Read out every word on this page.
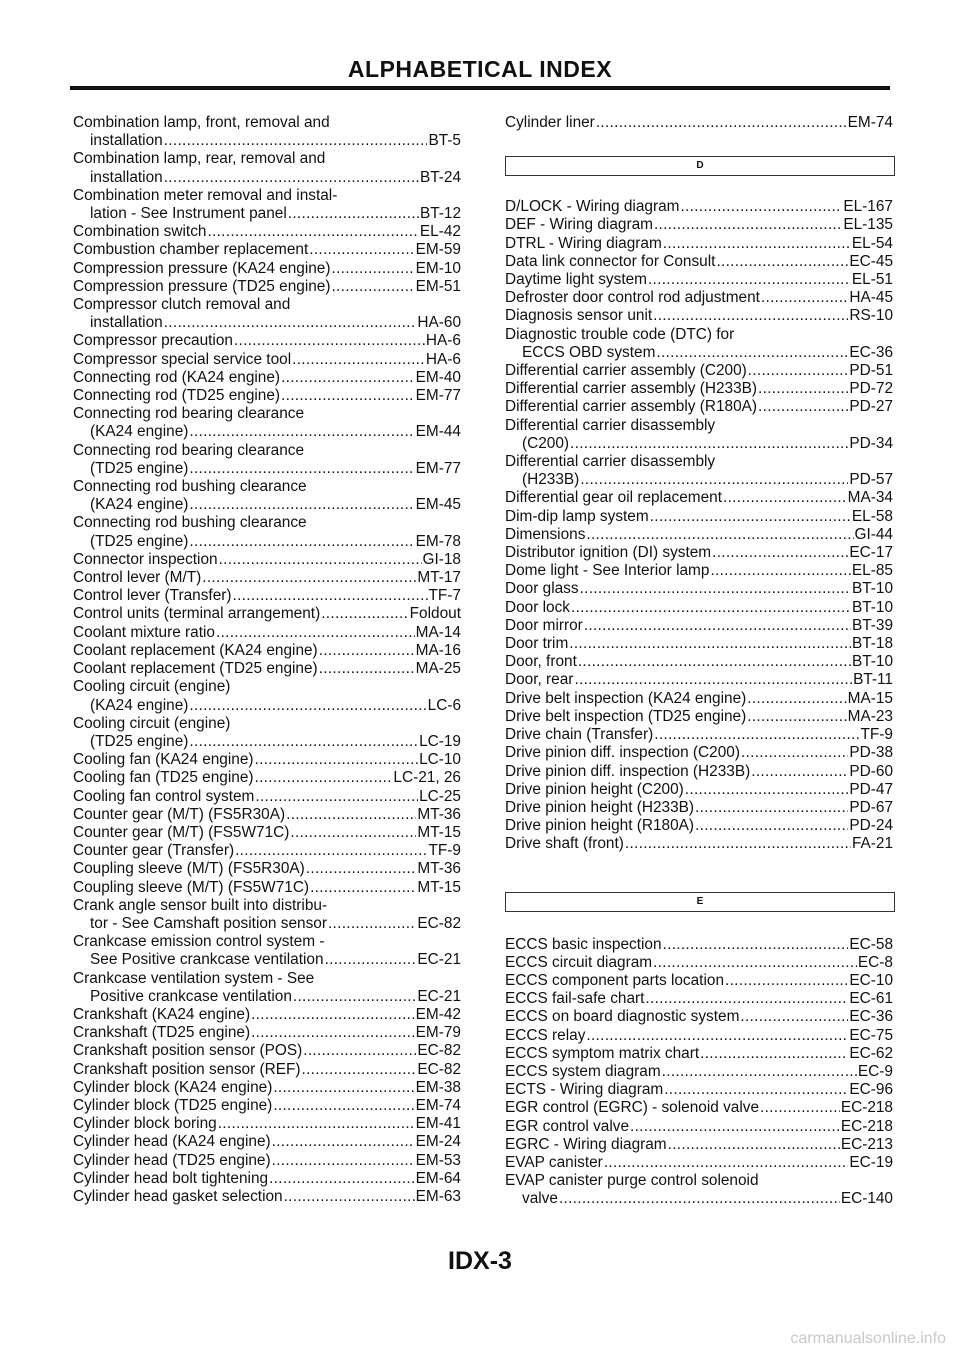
ALPHABETICAL INDEX
Combination lamp, front, removal and
installation .....	BT-5
Combination lamp, rear, removal and
installation .....	BT-24
Combination meter removal and instal-
lation - See Instrument panel .....	BT-12
Combination switch .....	EL-42
Combustion chamber replacement .....	EM-59
Compression pressure (KA24 engine) .....	EM-10
Compression pressure (TD25 engine) .....	EM-51
Compressor clutch removal and
installation .....	HA-60
Compressor precaution .....	HA-6
Compressor special service tool .....	HA-6
Connecting rod (KA24 engine) .....	EM-40
Connecting rod (TD25 engine) .....	EM-77
Connecting rod bearing clearance
(KA24 engine) .....	EM-44
Connecting rod bearing clearance
(TD25 engine) .....	EM-77
Connecting rod bushing clearance
(KA24 engine) .....	EM-45
Connecting rod bushing clearance
(TD25 engine) .....	EM-78
Connector inspection .....	GI-18
Control lever (M/T) .....	MT-17
Control lever (Transfer) .....	TF-7
Control units (terminal arrangement) .....	Foldout
Coolant mixture ratio .....	MA-14
Coolant replacement (KA24 engine) .....	MA-16
Coolant replacement (TD25 engine) .....	MA-25
Cooling circuit (engine)
(KA24 engine) .....	LC-6
Cooling circuit (engine)
(TD25 engine) .....	LC-19
Cooling fan (KA24 engine) .....	LC-10
Cooling fan (TD25 engine) .....	LC-21, 26
Cooling fan control system .....	LC-25
Counter gear (M/T) (FS5R30A) .....	MT-36
Counter gear (M/T) (FS5W71C) .....	MT-15
Counter gear (Transfer) .....	TF-9
Coupling sleeve (M/T) (FS5R30A) .....	MT-36
Coupling sleeve (M/T) (FS5W71C) .....	MT-15
Crank angle sensor built into distribu-
tor - See Camshaft position sensor .....	EC-82
Crankcase emission control system -
See Positive crankcase ventilation .....	EC-21
Crankcase ventilation system - See
Positive crankcase ventilation .....	EC-21
Crankshaft (KA24 engine) .....	EM-42
Crankshaft (TD25 engine) .....	EM-79
Crankshaft position sensor (POS) .....	EC-82
Crankshaft position sensor (REF) .....	EC-82
Cylinder block (KA24 engine) .....	EM-38
Cylinder block (TD25 engine) .....	EM-74
Cylinder block boring .....	EM-41
Cylinder head (KA24 engine) .....	EM-24
Cylinder head (TD25 engine) .....	EM-53
Cylinder head bolt tightening .....	EM-64
Cylinder head gasket selection .....	EM-63
Cylinder liner .....	EM-74
D
D/LOCK - Wiring diagram .....	EL-167
DEF - Wiring diagram .....	EL-135
DTRL - Wiring diagram .....	EL-54
Data link connector for Consult .....	EC-45
Daytime light system .....	EL-51
Defroster door control rod adjustment .....	HA-45
Diagnosis sensor unit .....	RS-10
Diagnostic trouble code (DTC) for
ECCS OBD system .....	EC-36
Differential carrier assembly (C200) .....	PD-51
Differential carrier assembly (H233B) .....	PD-72
Differential carrier assembly (R180A) .....	PD-27
Differential carrier disassembly
(C200) .....	PD-34
Differential carrier disassembly
(H233B) .....	PD-57
Differential gear oil replacement .....	MA-34
Dim-dip lamp system .....	EL-58
Dimensions .....	GI-44
Distributor ignition (DI) system .....	EC-17
Dome light - See Interior lamp .....	EL-85
Door glass .....	BT-10
Door lock .....	BT-10
Door mirror .....	BT-39
Door trim .....	BT-18
Door, front .....	BT-10
Door, rear .....	BT-11
Drive belt inspection (KA24 engine) .....	MA-15
Drive belt inspection (TD25 engine) .....	MA-23
Drive chain (Transfer) .....	TF-9
Drive pinion diff. inspection (C200) .....	PD-38
Drive pinion diff. inspection (H233B) .....	PD-60
Drive pinion height (C200) .....	PD-47
Drive pinion height (H233B) .....	PD-67
Drive pinion height (R180A) .....	PD-24
Drive shaft (front) .....	FA-21
E
ECCS basic inspection .....	EC-58
ECCS circuit diagram .....	EC-8
ECCS component parts location .....	EC-10
ECCS fail-safe chart .....	EC-61
ECCS on board diagnostic system .....	EC-36
ECCS relay .....	EC-75
ECCS symptom matrix chart .....	EC-62
ECCS system diagram .....	EC-9
ECTS - Wiring diagram .....	EC-96
EGR control (EGRC) - solenoid valve .....	EC-218
EGR control valve .....	EC-218
EGRC - Wiring diagram .....	EC-213
EVAP canister .....	EC-19
EVAP canister purge control solenoid
valve .....	EC-140
IDX-3
carmanualsonline.info
